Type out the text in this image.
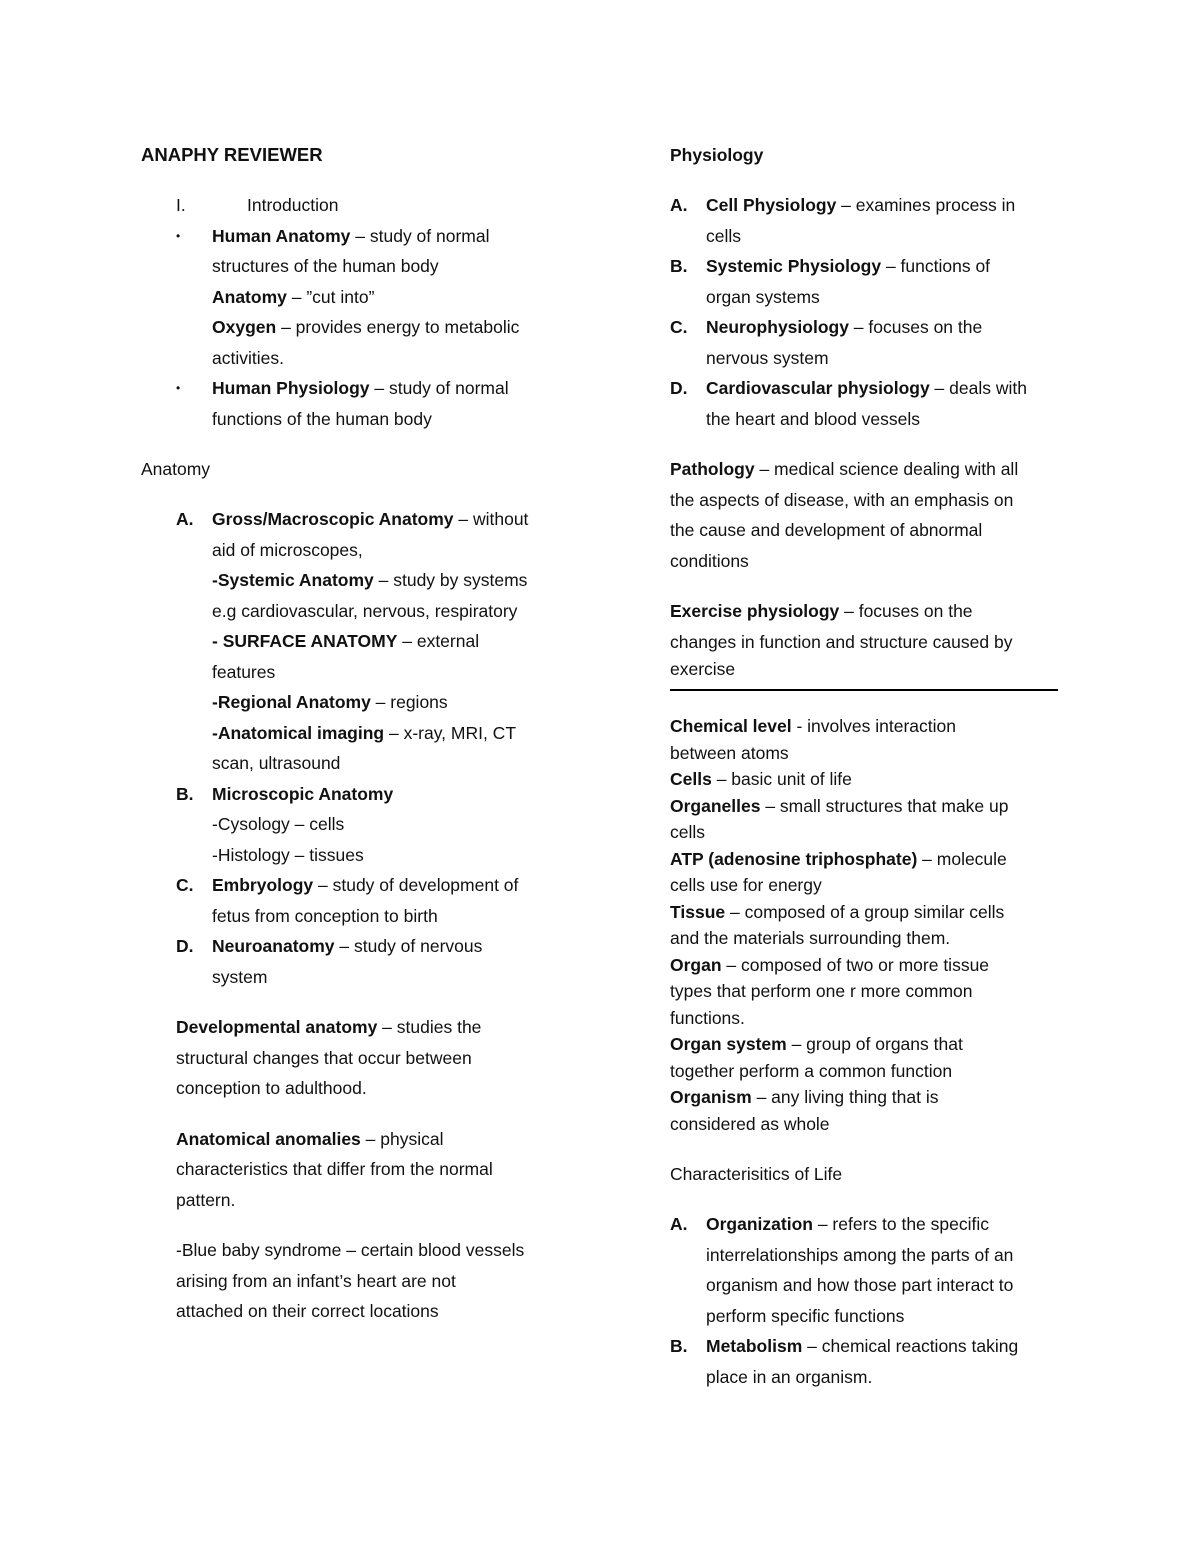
ANAPHY REVIEWER
I.	Introduction
• Human Anatomy – study of normal
structures of the human body
Anatomy – ”cut into”
Oxygen – provides energy to metabolic
activities.
• Human Physiology – study of normal
functions of the human body
Anatomy
A.	Gross/Macroscopic Anatomy – without
aid of microscopes,
-Systemic Anatomy – study by systems
e.g cardiovascular, nervous, respiratory
- SURFACE ANATOMY – external
features
-Regional Anatomy – regions
-Anatomical imaging – x-ray, MRI, CT
scan, ultrasound
B.	Microscopic Anatomy
-Cysology – cells
-Histology – tissues
C.	Embryology – study of development of
fetus from conception to birth
D.	Neuroanatomy – study of nervous
system
Developmental anatomy – studies the
structural changes that occur between
conception to adulthood.
Anatomical anomalies – physical
characteristics that differ from the normal
pattern.
-Blue baby syndrome – certain blood vessels
arising from an infant’s heart are not
attached on their correct locations
Physiology
A.	Cell Physiology – examines process in
cells
B.	Systemic Physiology – functions of
organ systems
C.	Neurophysiology – focuses on the
nervous system
D.	Cardiovascular physiology – deals with
the heart and blood vessels
Pathology – medical science dealing with all
the aspects of disease, with an emphasis on
the cause and development of abnormal
conditions
Exercise physiology – focuses on the
changes in function and structure caused by
exercise
Chemical level - involves interaction
between atoms
Cells – basic unit of life
Organelles – small structures that make up
cells
ATP (adenosine triphosphate) – molecule
cells use for energy
Tissue – composed of a group similar cells
and the materials surrounding them.
Organ – composed of two or more tissue
types that perform one r more common
functions.
Organ system – group of organs that
together perform a common function
Organism – any living thing that is
considered as whole
Characterisitics of Life
A.	Organization – refers to the specific
interrelationships among the parts of an
organism and how those part interact to
perform specific functions
B.	Metabolism – chemical reactions taking
place in an organism.
